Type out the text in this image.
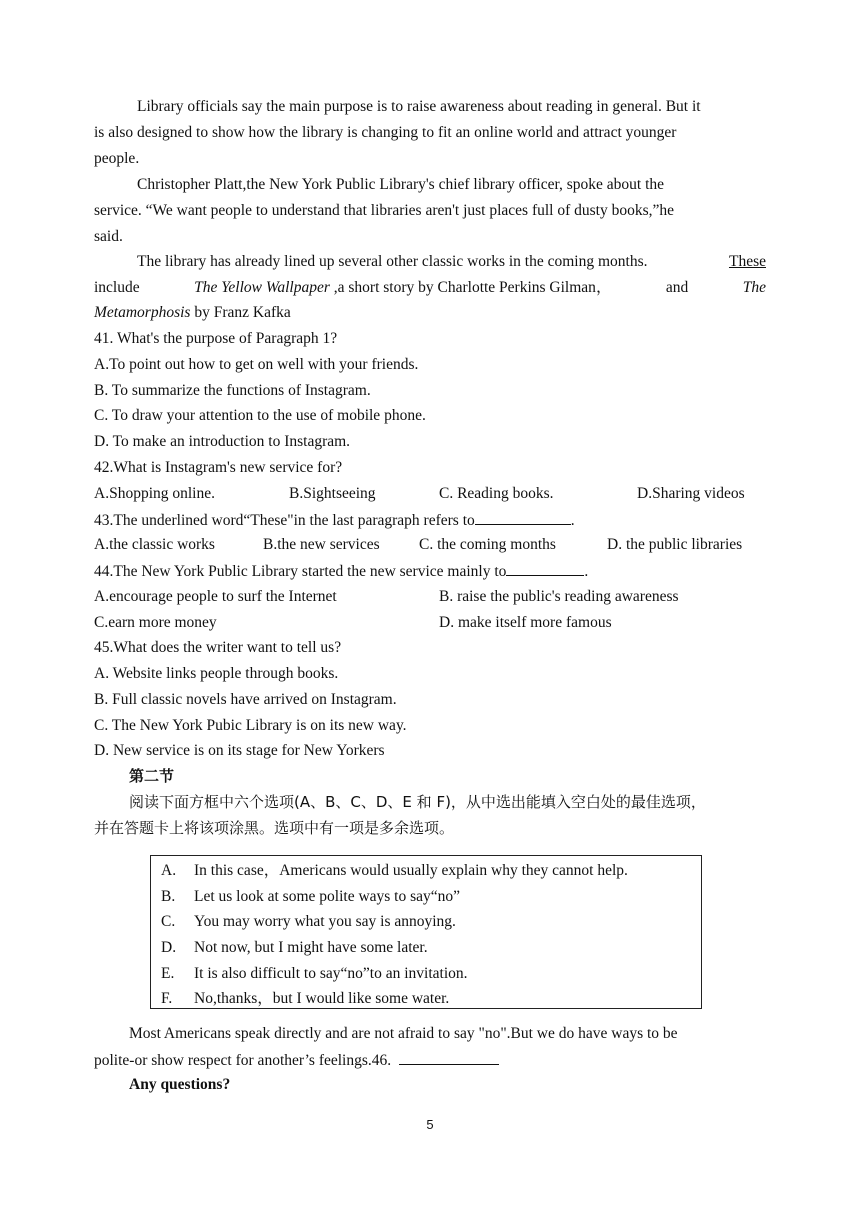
Library officials say the main purpose is to raise awareness about reading in general. But it
is also designed to show how the library is changing to fit an online world and attract younger
people.
Christopher Platt,the New York Public Library's chief library officer, spoke about the
service. “We want people to understand that libraries aren't just places full of dusty books,”he
said.
The library has already lined up several other classic works in the coming months.	These
include	The Yellow Wallpaper ,a short story by Charlotte Perkins Gilman，	and	The
Metamorphosis by Franz Kafka
41. What's the purpose of Paragraph 1?
A.To point out how to get on well with your friends.
B. To summarize the functions of Instagram.
C. To draw your attention to the use of mobile phone.
D. To make an introduction to Instagram.
42.What is Instagram's new service for?
A.Shopping online.	B.Sightseeing	C. Reading books.	D.Sharing videos
43.The underlined word“These"in the last paragraph refers to	.
A.the classic works	B.the new services	C. the coming months	D. the public libraries
44.The New York Public Library started the new service mainly to	.
A.encourage people to surf the Internet	B. raise the public's reading awareness
C.earn more money	D. make itself more famous
45.What does the writer want to tell us?
A. Website links people through books.
B. Full classic novels have arrived on Instagram.
C. The New York Pubic Library is on its new way.
D. New service is on its stage for New Yorkers
第二节
阅读下面方框中六个选项(A、B、C、D、E 和 F)，从中选出能填入空白处的最佳选项，
并在答题卡上将该项涂黑。选项中有一项是多余选项。
A. In this case，Americans would usually explain why they cannot help.
B. Let us look at some polite ways to say“no”
C. You may worry what you say is annoying.
D. Not now, but I might have some later.
E. It is also difficult to say“no”to an invitation.
F. No,thanks，but I would like some water.
Most Americans speak directly and are not afraid to say "no".But we do have ways to be
polite-or show respect for another’s feelings.46.
Any questions?
5
